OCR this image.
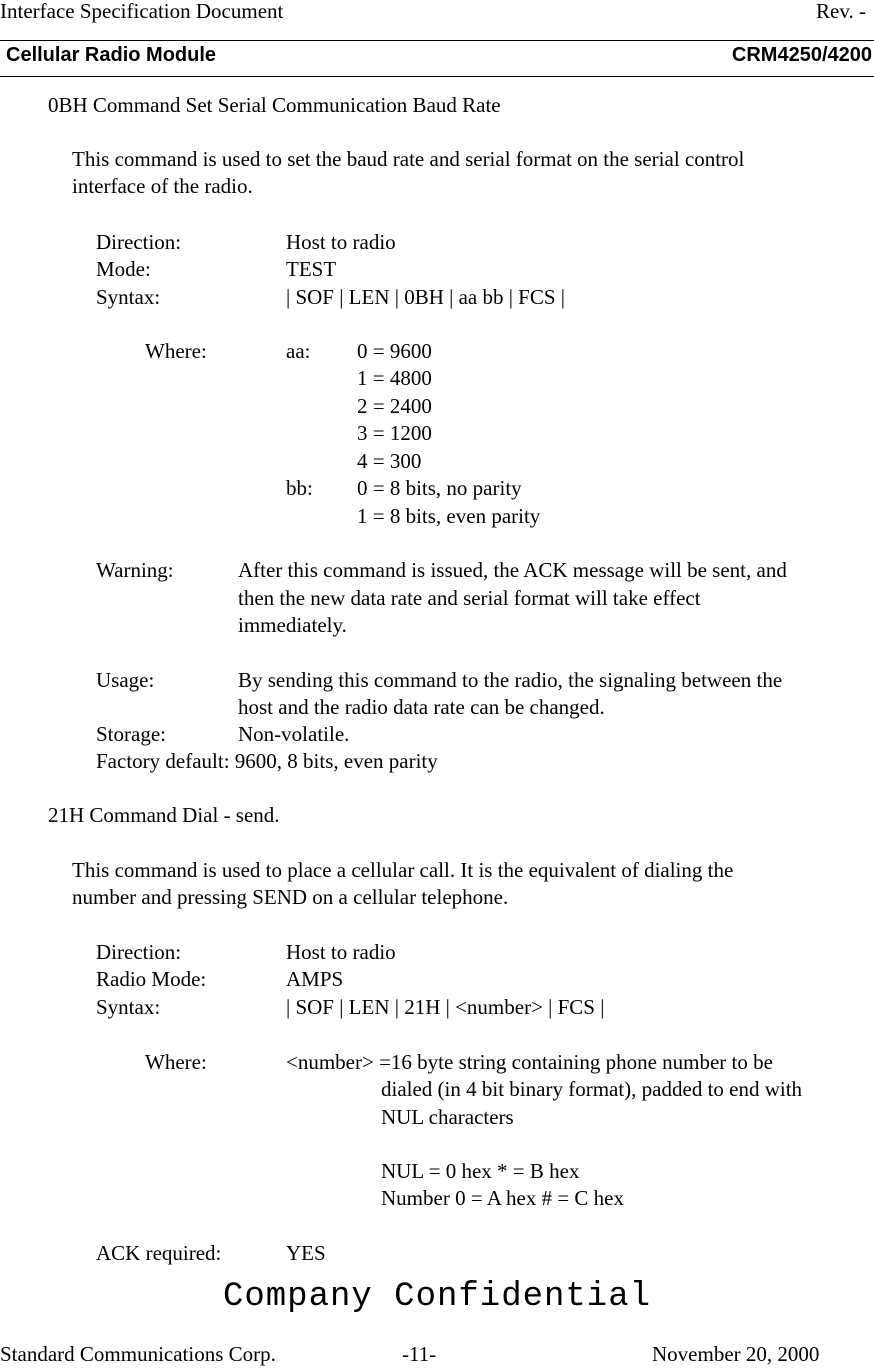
Interface Specification Document	Rev. -
Cellular Radio Module	CRM4250/4200
0BH Command Set Serial Communication Baud Rate
This command is used to set the baud rate and serial format on the serial control
interface of the radio.
Direction:	Host to radio
Mode:	TEST
Syntax:	| SOF | LEN | 0BH | aa bb | FCS |
Where:	aa: 0 = 9600
1 = 4800
2 = 2400
3 = 1200
4 = 300
bb: 0 = 8 bits, no parity
1 = 8 bits, even parity
Warning:	After this command is issued, the ACK message will be sent, and
then the new data rate and serial format will take effect
immediately.
Usage:	By sending this command to the radio, the signaling between the
host and the radio data rate can be changed.
Storage:	Non-volatile.
Factory default: 9600, 8 bits, even parity
21H Command Dial - send.
This command is used to place a cellular call. It is the equivalent of dialing the
number and pressing SEND on a cellular telephone.
Direction:	Host to radio
Radio Mode:	AMPS
Syntax:	| SOF | LEN | 21H | <number> | FCS |
Where:	<number> =16 byte string containing phone number to be
dialed (in 4 bit binary format), padded to end with
NUL characters
NUL = 0 hex * = B hex
Number 0 = A hex # = C hex
ACK required:	YES
Company Confidential
Standard Communications Corp.	-11-	November 20, 2000
